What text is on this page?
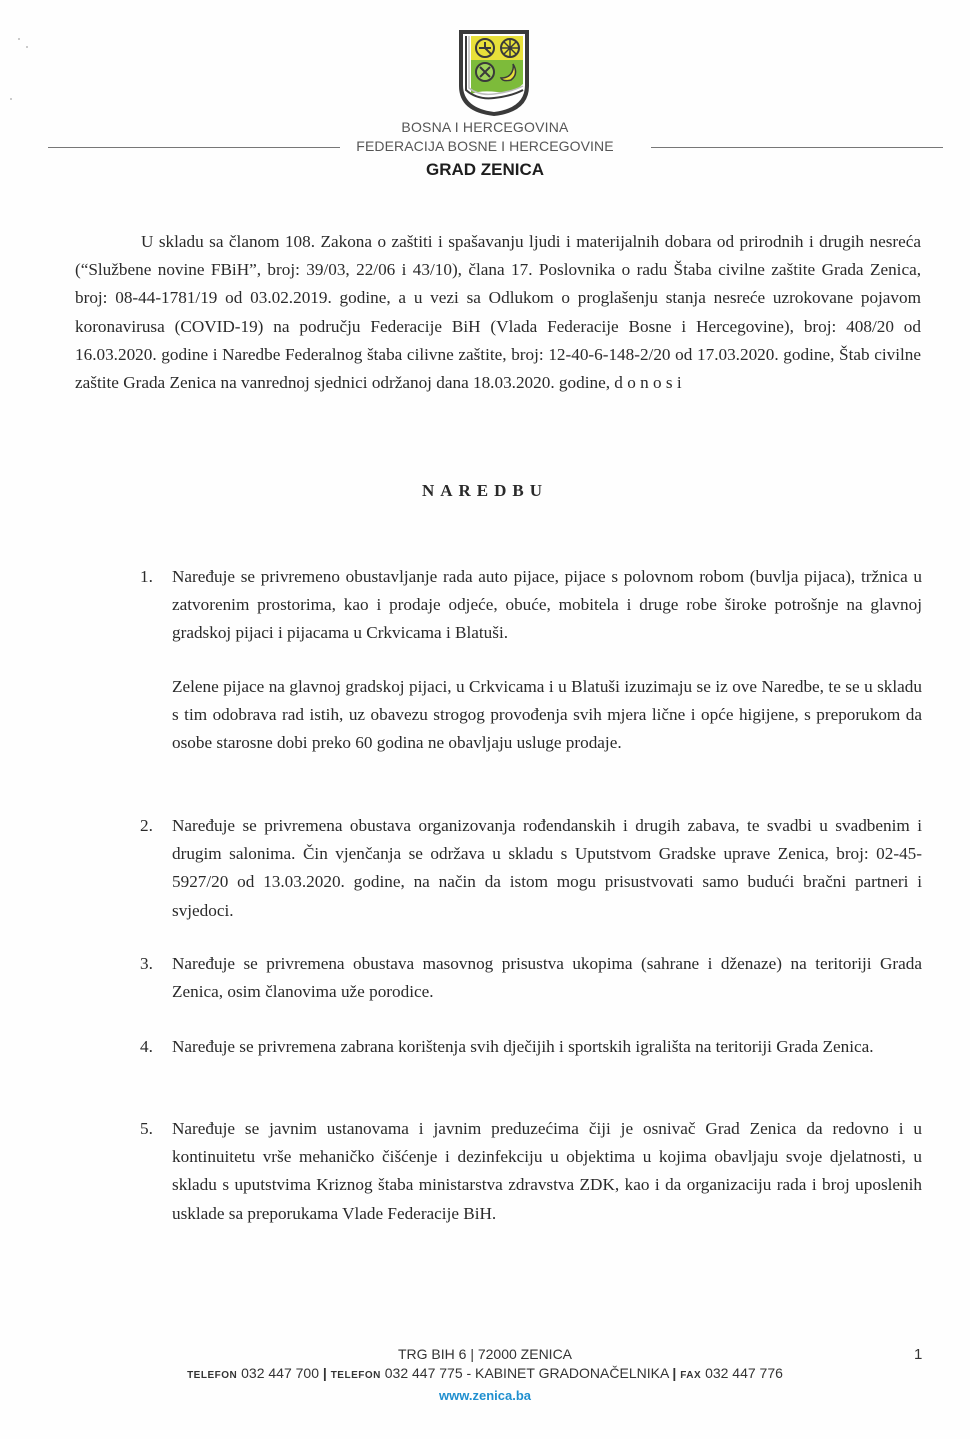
BOSNA I HERCEGOVINA
FEDERACIJA BOSNE I HERCEGOVINE
GRAD ZENICA
U skladu sa članom 108. Zakona o zaštiti i spašavanju ljudi i materijalnih dobara od prirodnih i drugih nesreća (“Službene novine FBiH”, broj: 39/03, 22/06 i 43/10), člana 17. Poslovnika o radu Štaba civilne zaštite Grada Zenica, broj: 08-44-1781/19 od 03.02.2019. godine, a u vezi sa Odlukom o proglašenju stanja nesreće uzrokovane pojavom koronavirusa (COVID-19) na području Federacije BiH (Vlada Federacije Bosne i Hercegovine), broj: 408/20 od 16.03.2020. godine i Naredbe Federalnog štaba cilivne zaštite, broj: 12-40-6-148-2/20 od 17.03.2020. godine, Štab civilne zaštite Grada Zenica na vanrednoj sjednici održanoj dana 18.03.2020. godine, d o n o s i
NAREDBU
1.	Naređuje se privremeno obustavljanje rada auto pijace, pijace s polovnom robom (buvlja pijaca), tržnica u zatvorenim prostorima, kao i prodaje odjeće, obuće, mobitela i druge robe široke potrošnje na glavnoj gradskoj pijaci i pijacama u Crkvicama i Blatuši.
Zelene pijace na glavnoj gradskoj pijaci, u Crkvicama i u Blatuši izuzimaju se iz ove Naredbe, te se u skladu s tim odobrava rad istih, uz obavezu strogog provođenja svih mjera lične i opće higijene, s preporukom da osobe starosne dobi preko 60 godina ne obavljaju usluge prodaje.
2.	Naređuje se privremena obustava organizovanja rođendanskih i drugih zabava, te svadbi u svadbenim i drugim salonima. Čin vjenčanja se održava u skladu s Uputstvom Gradske uprave Zenica, broj: 02-45-5927/20 od 13.03.2020. godine, na način da istom mogu prisustvovati samo budući bračni partneri i svjedoci.
3.	Naređuje se privremena obustava masovnog prisustva ukopima (sahrane i dženaze) na teritoriji Grada Zenica, osim članovima uže porodice.
4.	Naređuje se privremena zabrana korištenja svih dječijih i sportskih igrališta na teritoriji Grada Zenica.
5.	Naređuje se javnim ustanovama i javnim preduzećima čiji je osnivač Grad Zenica da redovno i u kontinuitetu vrše mehaničko čišćenje i dezinfekciju u objektima u kojima obavljaju svoje djelatnosti, u skladu s uputstvima Kriznog štaba ministarstva zdravstva ZDK, kao i da organizaciju rada i broj uposlenih usklade sa preporukama Vlade Federacije BiH.
TRG BIH 6 | 72000 ZENICA
TELEFON 032 447 700 | TELEFON 032 447 775 - KABINET GRADONAČELNIKA | FAX 032 447 776
www.zenica.ba
1
